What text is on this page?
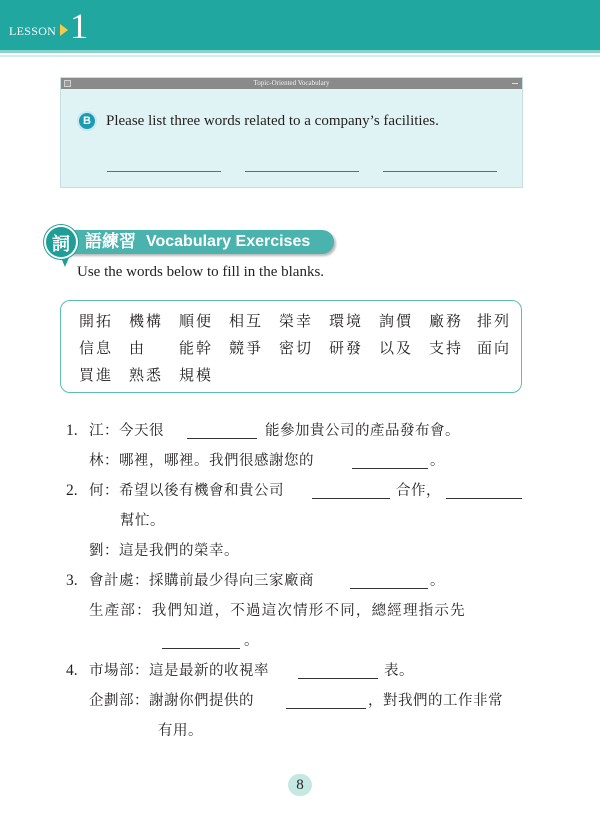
LESSON 1
Topic-Oriented Vocabulary
B	Please list three words related to a company’s facilities.
詞 語練習 Vocabulary Exercises
Use the words below to fill in the blanks.
開拓 機構 順便 相互 榮幸 環境 詢價 廠務 排列
信息 由 能幹 競爭 密切 研發 以及 支持 面向
買進 熟悉 規模
1. 江：今天很	能參加貴公司的產品發布會。
林：哪裡，哪裡。我們很感謝您的	。
2. 何：希望以後有機會和貴公司	合作，
幫忙。
劉：這是我們的榮幸。
3. 會計處：採購前最少得向三家廠商	。
生產部：我們知道，不過這次情形不同，總經理指示先
。
4. 市場部：這是最新的收視率	表。
企劃部：謝謝你們提供的	，對我們的工作非常
有用。
8
